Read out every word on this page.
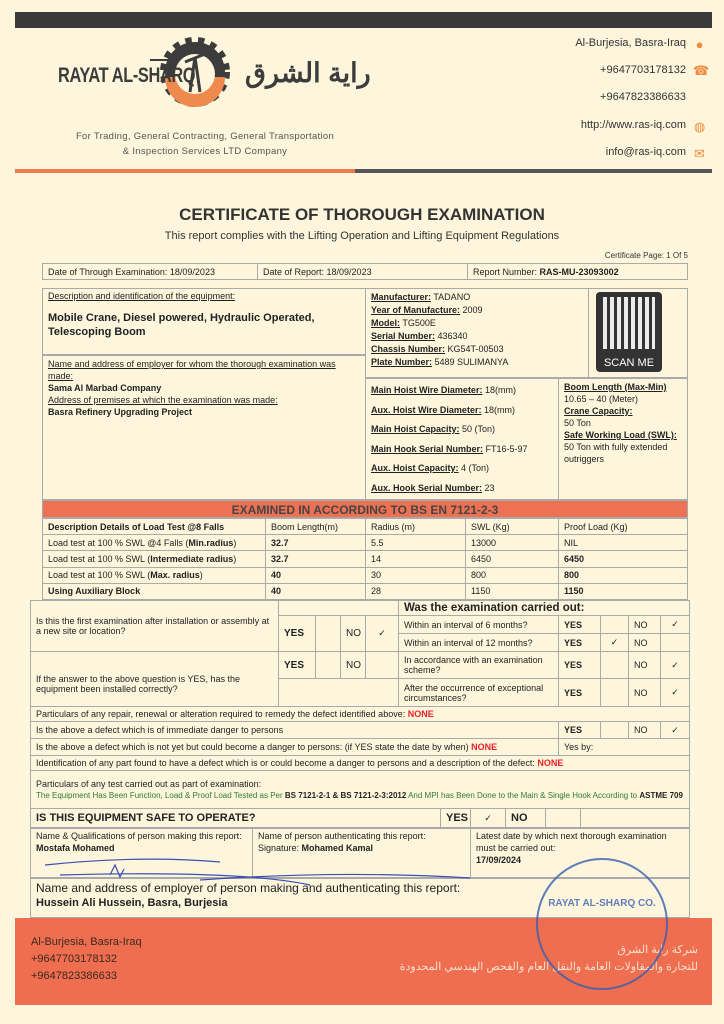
RAYAT AL-SHARQ راية الشرق
For Trading, General Contracting, General Transportation
& Inspection Services LTD Company
Al-Burjesia, Basra-Iraq ●
+9647703178132 ☎
+9647823386633
http://www.ras-iq.com ◍
info@ras-iq.com ✉
CERTIFICATE OF THOROUGH EXAMINATION
This report complies with the Lifting Operation and Lifting Equipment Regulations
Certificate Page: 1 Of 5
Date of Through Examination: 18/09/2023	Date of Report: 18/09/2023	Report Number: RAS-MU-23093002
Description and identification of the equipment:
Mobile Crane, Diesel powered, Hydraulic Operated, Telescoping Boom
Name and address of employer for whom the thorough examination was made:
Sama Al Marbad Company
Address of premises at which the examination was made:
Basra Refinery Upgrading Project
Manufacturer: TADANO
Year of Manufacture: 2009
Model: TG500E
Serial Number: 436340
Chassis Number: KG54T-00503
Plate Number: 5489 SULIMANYA	SCAN ME
Main Hoist Wire Diameter: 18(mm)
Aux. Hoist Wire Diameter: 18(mm)
Main Hoist Capacity: 50 (Ton)
Main Hook Serial Number: FT16-5-97
Aux. Hoist Capacity: 4 (Ton)
Aux. Hook Serial Number: 23
Boom Length (Max-Min)
10.65 – 40 (Meter)
Crane Capacity:
50 Ton
Safe Working Load (SWL):
50 Ton with fully extended outriggers
EXAMINED IN ACCORDING TO BS EN 7121-2-3
Description Details of Load Test @8 Falls	Boom Length(m)	Radius (m)	SWL (Kg)	Proof Load (Kg)
Load test at 100 % SWL @4 Falls (Min.radius)	32.7	5.5	13000	NIL
Load test at 100 % SWL (Intermediate radius)	32.7	14	6450	6450
Load test at 100 % SWL (Max. radius)	40	30	800	800
Using Auxiliary Block	40	28	1150	1150
Is this the first examination after installation or assembly at a new site or location?					Was the examination carried out:				
	YES		NO	✓	Within an interval of 6 months?	YES		NO	✓
					Within an interval of 12 months?	YES	✓	NO	
If the answer to the above question is YES, has the equipment been installed correctly?	YES		NO		In accordance with an examination scheme?	YES		NO	✓
					After the occurrence of exceptional circumstances?	YES		NO	✓
Particulars of any repair, renewal or alteration required to remedy the defect identified above: NONE				
Is the above a defect which is of immediate danger to persons	YES		NO	✓
Is the above a defect which is not yet but could become a danger to persons: (if YES state the date by when) NONE	Yes by:			
Identification of any part found to have a defect which is or could become a danger to persons and a description of the defect: NONE				

Particulars of any test carried out as part of examination:
The Equipment Has Been Function, Load & Proof Load Tested as Per BS 7121-2-1 & BS 7121-2-3:2012 And MPI has Been Done to the Main & Single Hook According to ASTME 709				
IS THIS EQUIPMENT SAFE TO OPERATE?	YES	✓	NO		
Name & Qualifications of person making this report:
Mostafa Mohamed	
Name of person authenticating this report:
Signature: Mohamed Kamal	
Latest date by which next thorough examination must be carried out:
17/09/2024
Name and address of employer of person making and authenticating this report:
Hussein Ali Hussein, Basra, Burjesia
Al-Burjesia, Basra-Iraq
+9647703178132
+9647823386633
شركة راية الشرق
للتجارة والمقاولات العامة والنقل العام والفحص الهندسي المحدودة
RAYAT AL-SHARQ CO.
